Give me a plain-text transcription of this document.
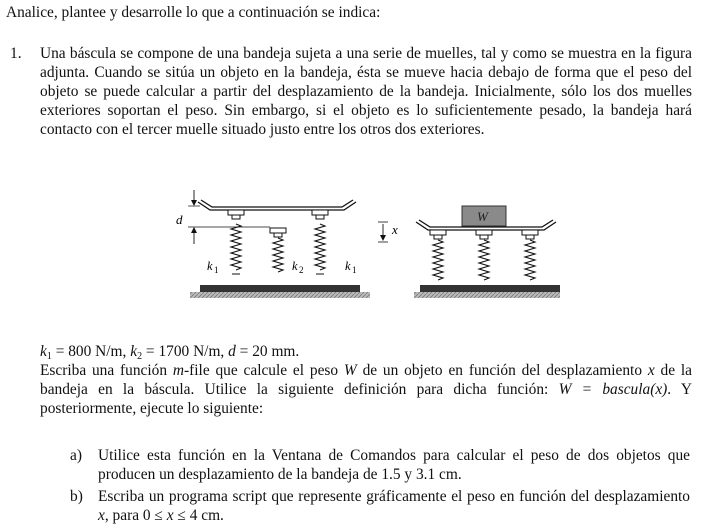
Analice, plantee y desarrolle lo que a continuación se indica:
1. Una báscula se compone de una bandeja sujeta a una serie de muelles, tal y como se muestra en la figura adjunta. Cuando se sitúa un objeto en la bandeja, ésta se mueve hacia debajo de forma que el peso del objeto se puede calcular a partir del desplazamiento de la bandeja. Inicialmente, sólo los dos muelles exteriores soportan el peso. Sin embargo, si el objeto es lo suficientemente pesado, la bandeja hará contacto con el tercer muelle situado justo entre los otros dos exteriores.

d
k 1	k 2	k 1
x
W
$k_1 = 800$ N/m, $k_2 = 1700$ N/m, d = 20 mm.
Escriba una función m-file que calcule el peso W de un objeto en función del desplazamiento x de la bandeja en la báscula. Utilice la siguiente definición para dicha función: W = bascula(x). Y posteriormente, ejecute lo siguiente:
a) Utilice esta función en la Ventana de Comandos para calcular el peso de dos objetos que producen un desplazamiento de la bandeja de 1.5 y 3.1 cm.
b) Escriba un programa script que represente gráficamente el peso en función del desplazamiento x, para 0 ≤ x ≤ 4 cm.
